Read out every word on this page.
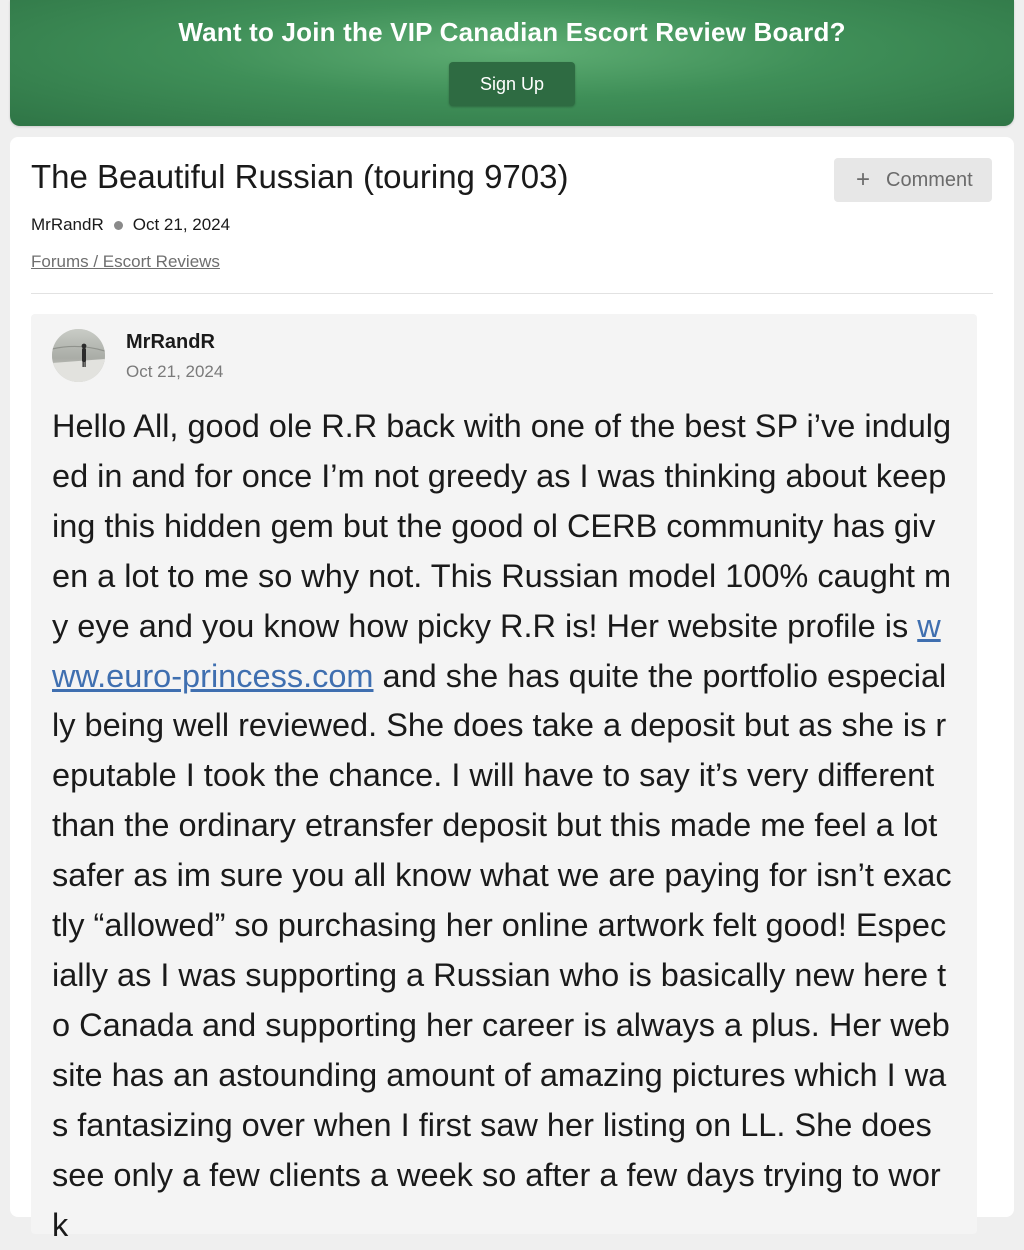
Want to Join the VIP Canadian Escort Review Board?
Sign Up
The Beautiful Russian (touring 9703)	+ Comment
MrRandR Oct 21, 2024
Forums / Escort Reviews
MrRandR
Oct 21, 2024
Hello All, good ole R.R back with one of the best SP i’ve indulged in and for once I’m not greedy as I was thinking about keeping this hidden gem but the good ol CERB community has given a lot to me so why not. This Russian model 100% caught my eye and you know how picky R.R is! Her website profile is www.euro-princess.com and she has quite the portfolio especially being well reviewed. She does take a deposit but as she is reputable I took the chance. I will have to say it’s very different than the ordinary etransfer deposit but this made me feel a lot safer as im sure you all know what we are paying for isn’t exactly “allowed” so purchasing her online artwork felt good! Especially as I was supporting a Russian who is basically new here to Canada and supporting her career is always a plus. Her website has an astounding amount of amazing pictures which I was fantasizing over when I first saw her listing on LL. She does see only a few clients a week so after a few days trying to work
